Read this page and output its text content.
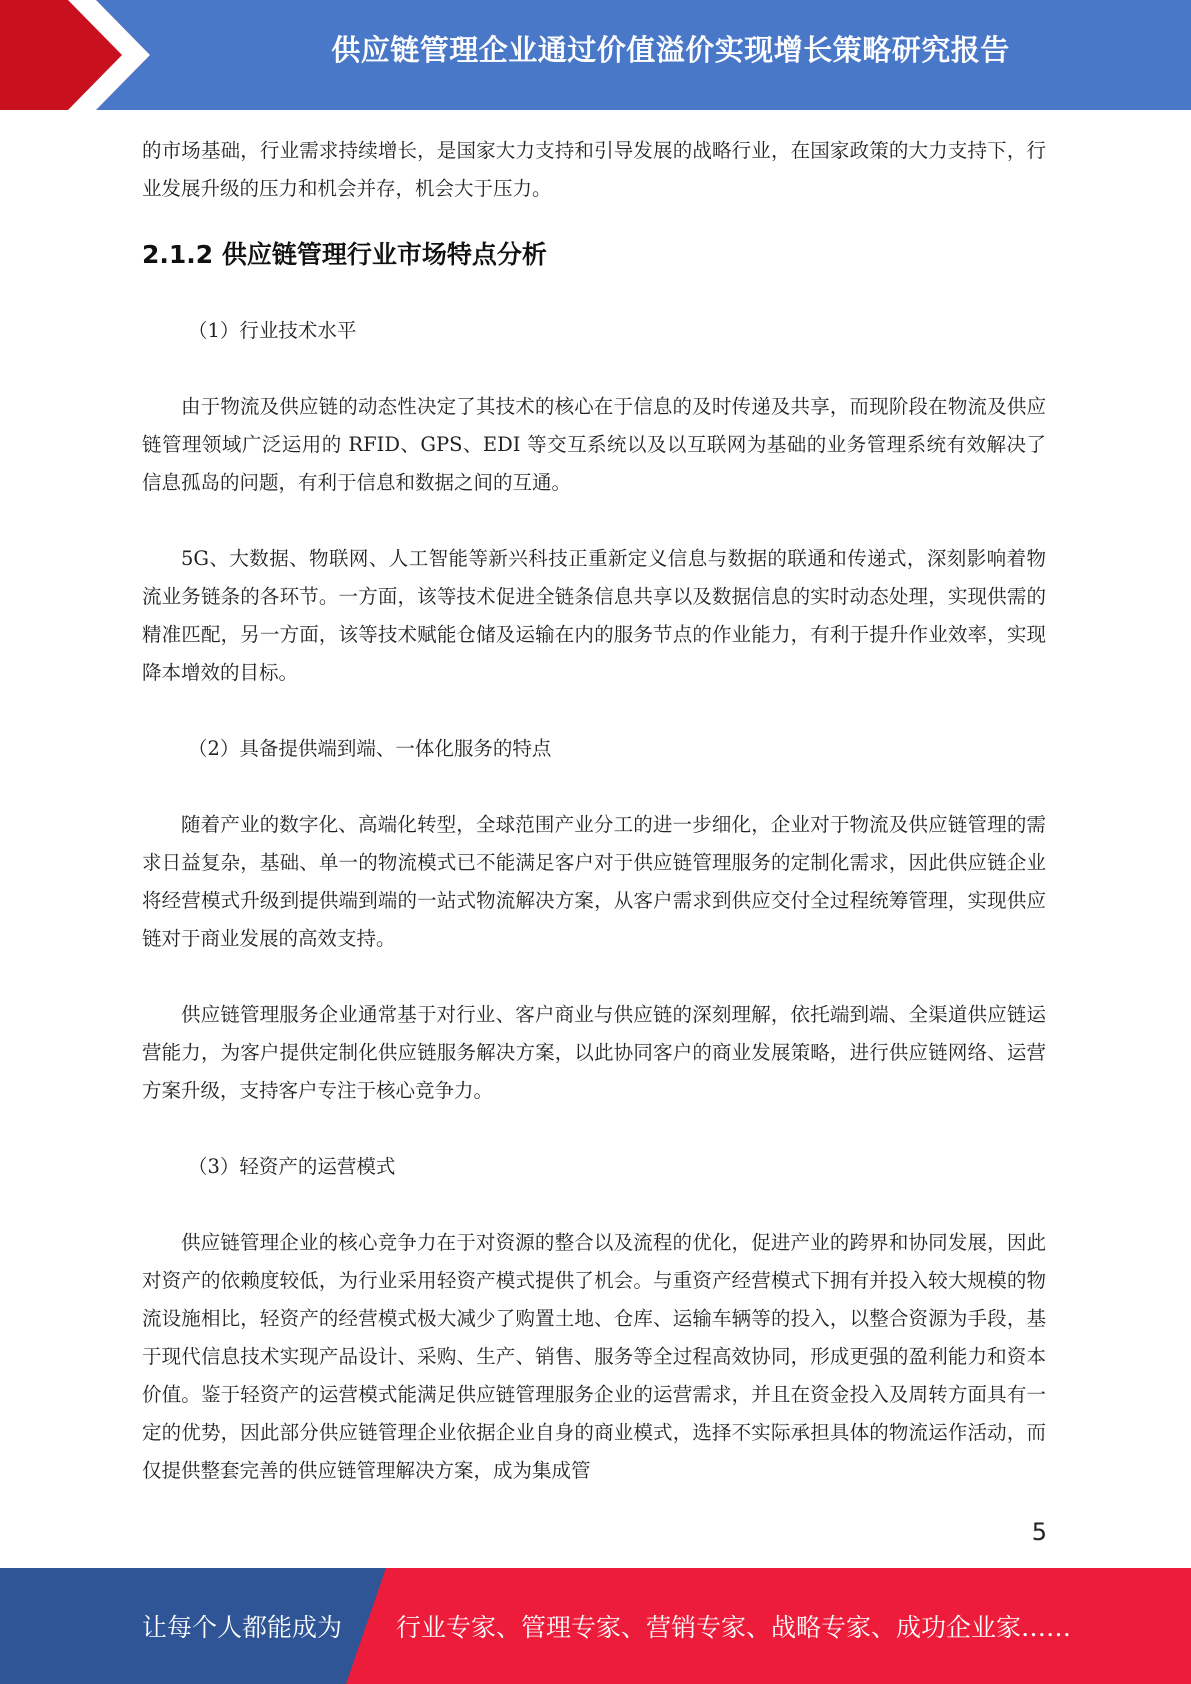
供应链管理企业通过价值溢价实现增长策略研究报告

的市场基础，行业需求持续增长，是国家大力支持和引导发展的战略行业，在国家政策的大力支持下，行业发展升级的压力和机会并存，机会大于压力。

2.1.2 供应链管理行业市场特点分析

（1）行业技术水平

由于物流及供应链的动态性决定了其技术的核心在于信息的及时传递及共享，而现阶段在物流及供应链管理领域广泛运用的 RFID、GPS、EDI 等交互系统以及以互联网为基础的业务管理系统有效解决了信息孤岛的问题，有利于信息和数据之间的互通。

5G、大数据、物联网、人工智能等新兴科技正重新定义信息与数据的联通和传递式，深刻影响着物流业务链条的各环节。一方面，该等技术促进全链条信息共享以及数据信息的实时动态处理，实现供需的精准匹配，另一方面，该等技术赋能仓储及运输在内的服务节点的作业能力，有利于提升作业效率，实现降本增效的目标。

（2）具备提供端到端、一体化服务的特点

随着产业的数字化、高端化转型，全球范围产业分工的进一步细化，企业对于物流及供应链管理的需求日益复杂，基础、单一的物流模式已不能满足客户对于供应链管理服务的定制化需求，因此供应链企业将经营模式升级到提供端到端的一站式物流解决方案，从客户需求到供应交付全过程统筹管理，实现供应链对于商业发展的高效支持。

供应链管理服务企业通常基于对行业、客户商业与供应链的深刻理解，依托端到端、全渠道供应链运营能力，为客户提供定制化供应链服务解决方案，以此协同客户的商业发展策略，进行供应链网络、运营方案升级，支持客户专注于核心竞争力。

（3）轻资产的运营模式

供应链管理企业的核心竞争力在于对资源的整合以及流程的优化，促进产业的跨界和协同发展，因此对资产的依赖度较低，为行业采用轻资产模式提供了机会。与重资产经营模式下拥有并投入较大规模的物流设施相比，轻资产的经营模式极大减少了购置土地、仓库、运输车辆等的投入，以整合资源为手段，基于现代信息技术实现产品设计、采购、生产、销售、服务等全过程高效协同，形成更强的盈利能力和资本价值。鉴于轻资产的运营模式能满足供应链管理服务企业的运营需求，并且在资金投入及周转方面具有一定的优势，因此部分供应链管理企业依据企业自身的商业模式，选择不实际承担具体的物流运作活动，而仅提供整套完善的供应链管理解决方案，成为集成管

5
让每个人都能成为 行业专家、管理专家、营销专家、战略专家、成功企业家……
